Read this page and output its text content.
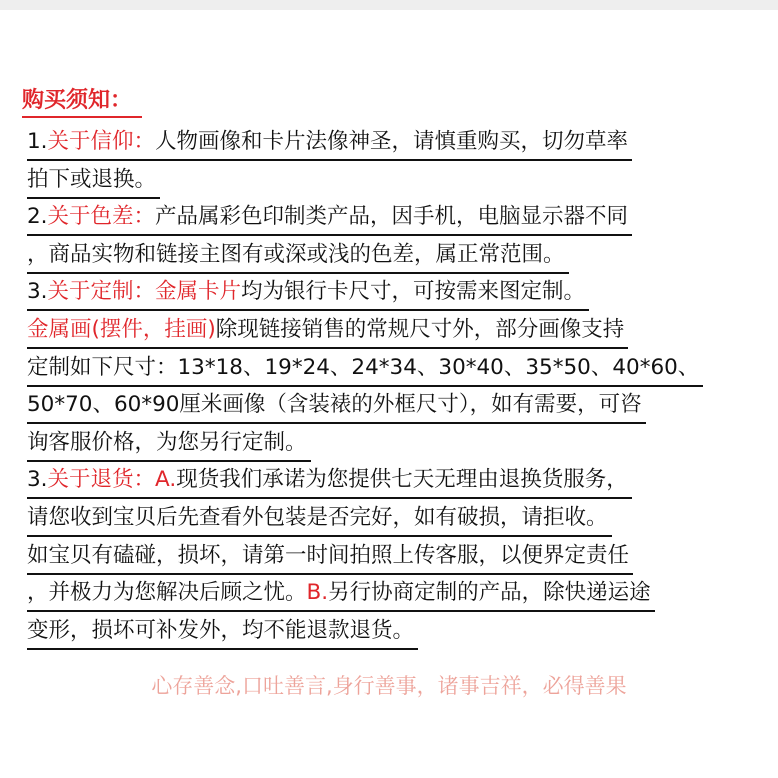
购买须知：
1.关于信仰：人物画像和卡片法像神圣，请慎重购买，切勿草率
拍下或退换。
2.关于色差：产品属彩色印制类产品，因手机，电脑显示器不同
，商品实物和链接主图有或深或浅的色差，属正常范围。
3.关于定制：金属卡片均为银行卡尺寸，可按需来图定制。
金属画(摆件，挂画)除现链接销售的常规尺寸外，部分画像支持
定制如下尺寸：13*18、19*24、24*34、30*40、35*50、40*60、
50*70、60*90厘米画像（含装裱的外框尺寸），如有需要，可咨
询客服价格，为您另行定制。
3.关于退货：A.现货我们承诺为您提供七天无理由退换货服务，
请您收到宝贝后先查看外包装是否完好，如有破损，请拒收。
如宝贝有磕碰，损坏，请第一时间拍照上传客服，以便界定责任
，并极力为您解决后顾之忧。B.另行协商定制的产品，除快递运途
变形，损坏可补发外，均不能退款退货。
心存善念,口吐善言,身行善事，诸事吉祥，必得善果
